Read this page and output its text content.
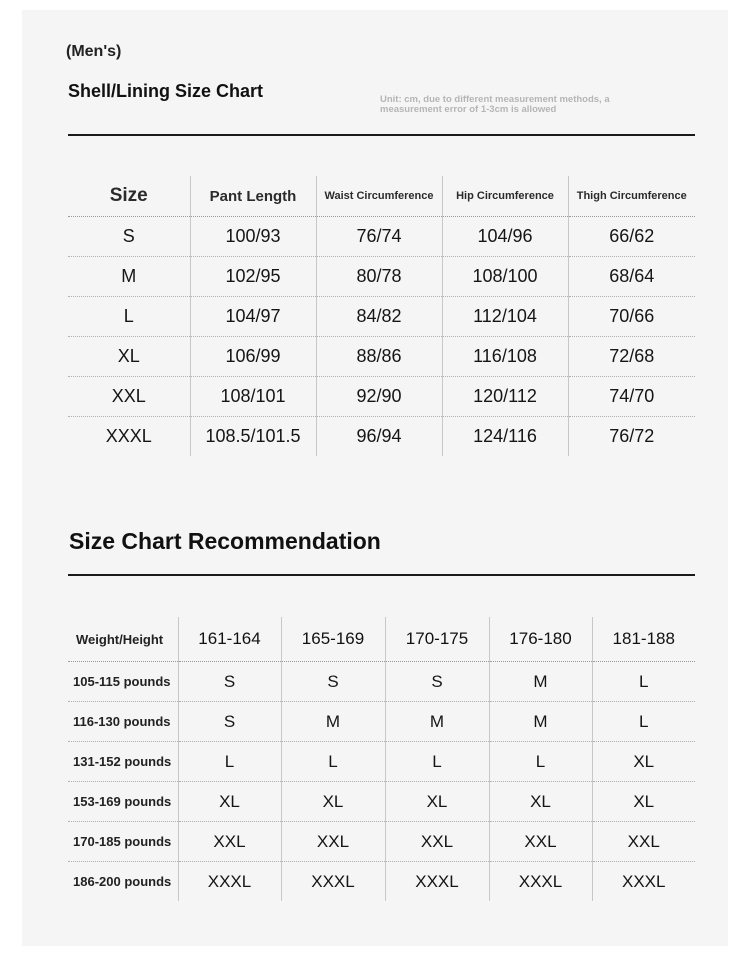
(Men's)
Shell/Lining Size Chart	Unit: cm, due to different measurement methods, a measurement error of 1-3cm is allowed
Size	Pant Length	Waist Circumference	Hip Circumference	Thigh Circumference
S	100/93	76/74	104/96	66/62
M	102/95	80/78	108/100	68/64
L	104/97	84/82	112/104	70/66
XL	106/99	88/86	116/108	72/68
XXL	108/101	92/90	120/112	74/70
XXXL	108.5/101.5	96/94	124/116	76/72
Size Chart Recommendation
Weight/Height	161-164	165-169	170-175	176-180	181-188
105-115 pounds	S	S	S	M	L
116-130 pounds	S	M	M	M	L
131-152 pounds	L	L	L	L	XL
153-169 pounds	XL	XL	XL	XL	XL
170-185 pounds	XXL	XXL	XXL	XXL	XXL
186-200 pounds	XXXL	XXXL	XXXL	XXXL	XXXL
